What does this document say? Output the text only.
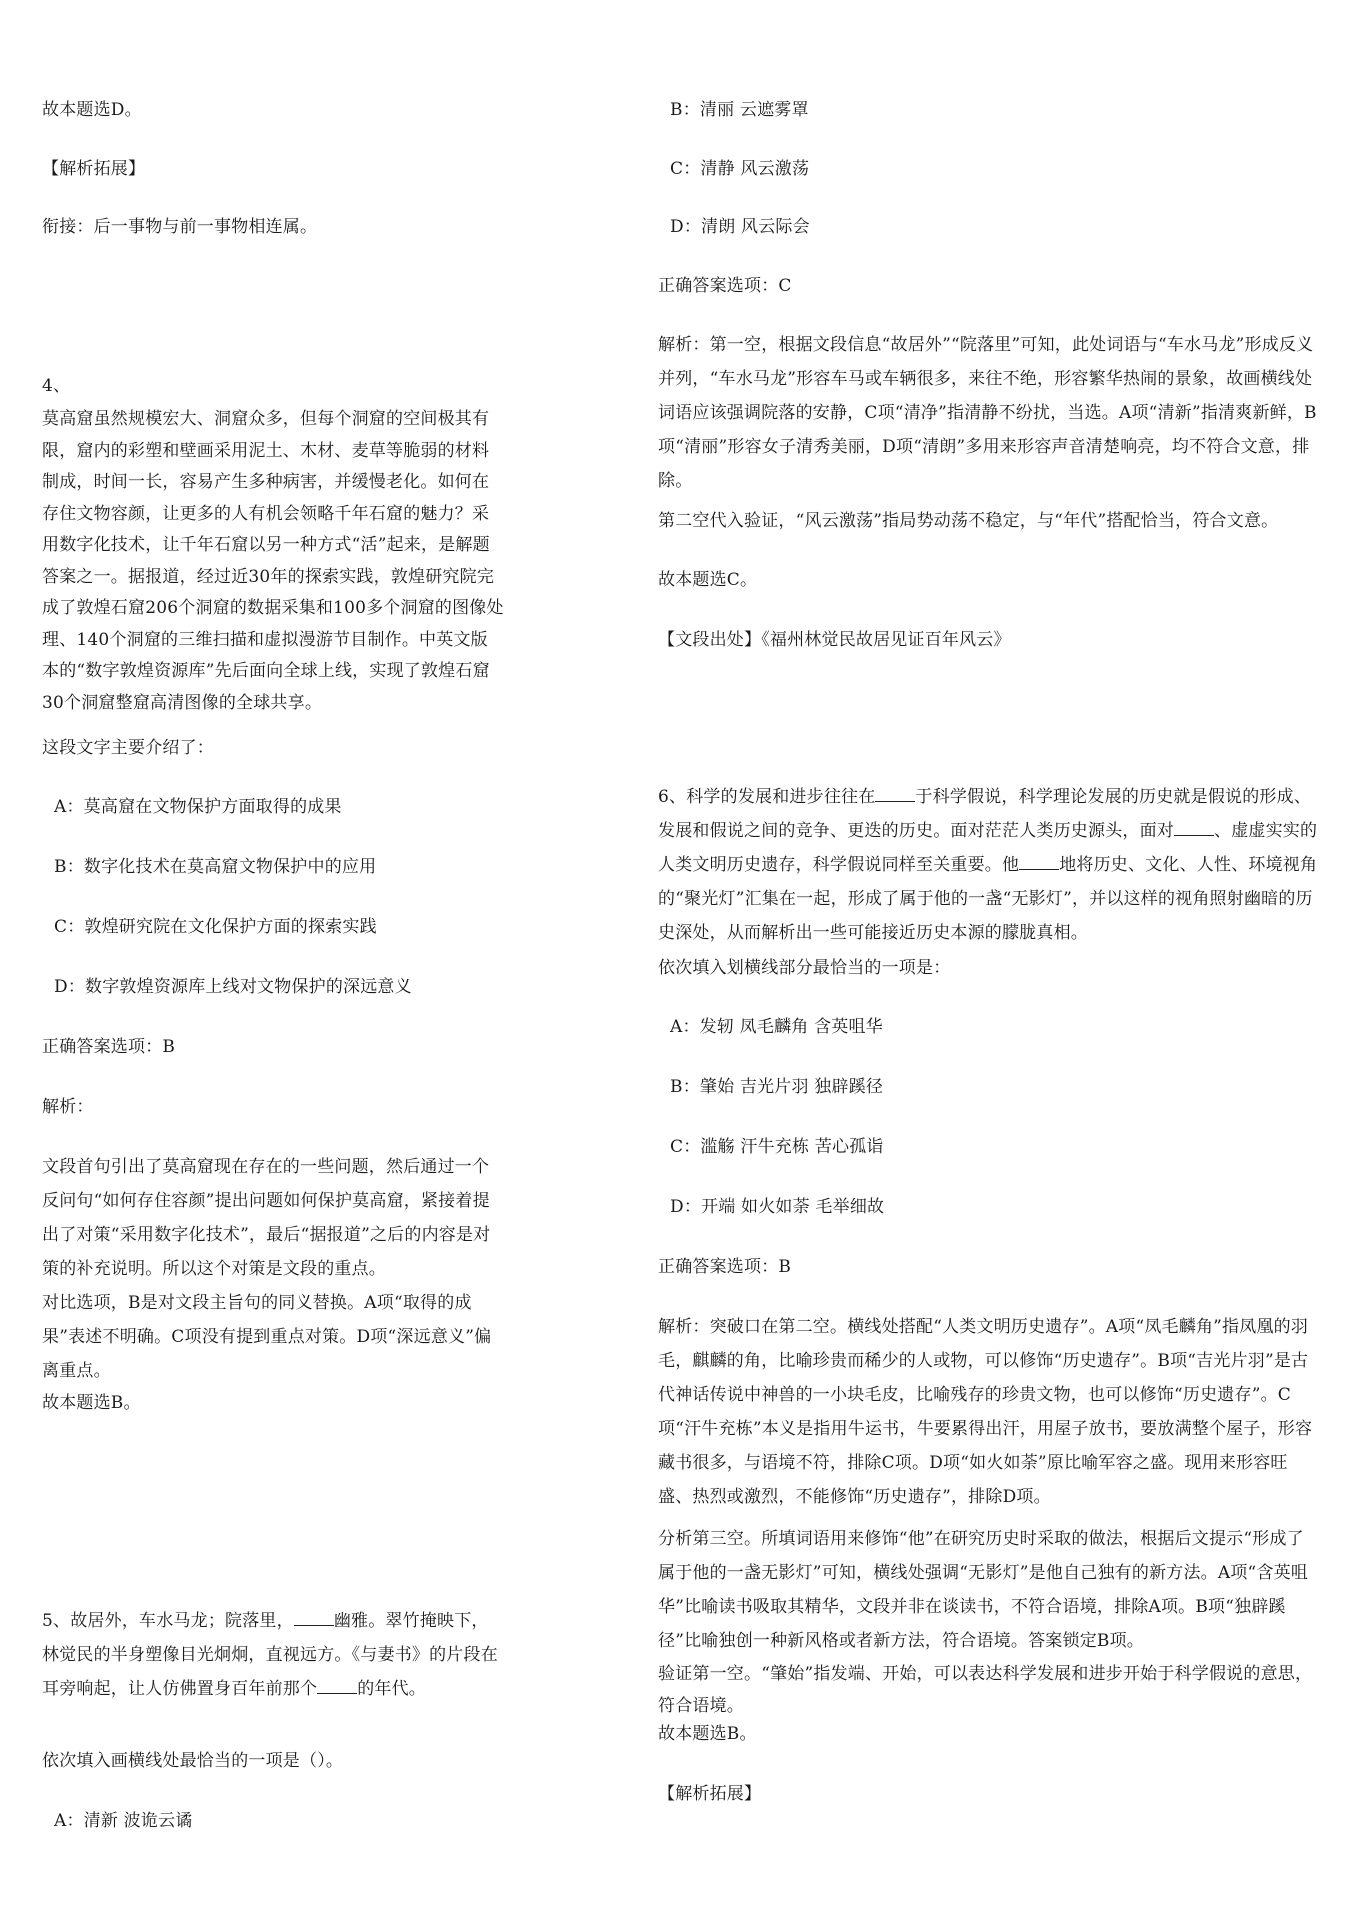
故本题选D。

【解析拓展】

衔接：后一事物与前一事物相连属。

4、

莫高窟虽然规模宏大、洞窟众多，但每个洞窟的空间极其有限，窟内的彩塑和壁画采用泥土、木材、麦草等脆弱的材料制成，时间一长，容易产生多种病害，并缓慢老化。如何在存住文物容颜，让更多的人有机会领略千年石窟的魅力？采用数字化技术，让千年石窟以另一种方式“活”起来，是解题答案之一。据报道，经过近30年的探索实践，敦煌研究院完成了敦煌石窟206个洞窟的数据采集和100多个洞窟的图像处理、140个洞窟的三维扫描和虚拟漫游节目制作。中英文版本的“数字敦煌资源库”先后面向全球上线，实现了敦煌石窟30个洞窟整窟高清图像的全球共享。

这段文字主要介绍了：

A：莫高窟在文物保护方面取得的成果

B：数字化技术在莫高窟文物保护中的应用

C：敦煌研究院在文化保护方面的探索实践

D：数字敦煌资源库上线对文物保护的深远意义

正确答案选项：B

解析：

文段首句引出了莫高窟现在存在的一些问题，然后通过一个反问句“如何存住容颜”提出问题如何保护莫高窟，紧接着提出了对策“采用数字化技术”，最后“据报道”之后的内容是对策的补充说明。所以这个对策是文段的重点。

对比选项，B是对文段主旨句的同义替换。A项“取得的成果”表述不明确。C项没有提到重点对策。D项“深远意义”偏离重点。

故本题选B。

5、故居外，车水马龙；院落里， 幽雅。翠竹掩映下，林觉民的半身塑像目光炯炯，直视远方。《与妻书》的片段在耳旁响起，让人仿佛置身百年前那个 的年代。

依次填入画横线处最恰当的一项是（）。

A：清新 波诡云谲

B：清丽 云遮雾罩

C：清静 风云激荡

D：清朗 风云际会

正确答案选项：C

解析：第一空，根据文段信息“故居外”“院落里”可知，此处词语与“车水马龙”形成反义并列，“车水马龙”形容车马或车辆很多，来往不绝，形容繁华热闹的景象，故画横线处词语应该强调院落的安静，C项“清净”指清静不纷扰，当选。A项“清新”指清爽新鲜，B项“清丽”形容女子清秀美丽，D项“清朗”多用来形容声音清楚响亮，均不符合文意，排除。

第二空代入验证，“风云激荡”指局势动荡不稳定，与“年代”搭配恰当，符合文意。

故本题选C。

【文段出处】《福州林觉民故居见证百年风云》

6、科学的发展和进步往往在 于科学假说，科学理论发展的历史就是假说的形成、发展和假说之间的竞争、更迭的历史。面对茫茫人类历史源头，面对 、虚虚实实的人类文明历史遗存，科学假说同样至关重要。他 地将历史、文化、人性、环境视角的“聚光灯”汇集在一起，形成了属于他的一盏“无影灯”，并以这样的视角照射幽暗的历史深处，从而解析出一些可能接近历史本源的朦胧真相。

依次填入划横线部分最恰当的一项是：

A：发轫 凤毛麟角 含英咀华

B：肇始 吉光片羽 独辟蹊径

C：滥觞 汗牛充栋 苦心孤诣

D：开端 如火如荼 毛举细故

正确答案选项：B

解析：突破口在第二空。横线处搭配“人类文明历史遗存”。A项“凤毛麟角”指凤凰的羽毛，麒麟的角，比喻珍贵而稀少的人或物，可以修饰“历史遗存”。B项“吉光片羽”是古代神话传说中神兽的一小块毛皮，比喻残存的珍贵文物，也可以修饰“历史遗存”。C项“汗牛充栋”本义是指用牛运书，牛要累得出汗，用屋子放书，要放满整个屋子，形容藏书很多，与语境不符，排除C项。D项“如火如荼”原比喻军容之盛。现用来形容旺盛、热烈或激烈，不能修饰“历史遗存”，排除D项。

分析第三空。所填词语用来修饰“他”在研究历史时采取的做法，根据后文提示“形成了属于他的一盏无影灯”可知，横线处强调“无影灯”是他自己独有的新方法。A项“含英咀华”比喻读书吸取其精华，文段并非在谈读书，不符合语境，排除A项。B项“独辟蹊径”比喻独创一种新风格或者新方法，符合语境。答案锁定B项。

验证第一空。“肇始”指发端、开始，可以表达科学发展和进步开始于科学假说的意思，符合语境。

故本题选B。

【解析拓展】
